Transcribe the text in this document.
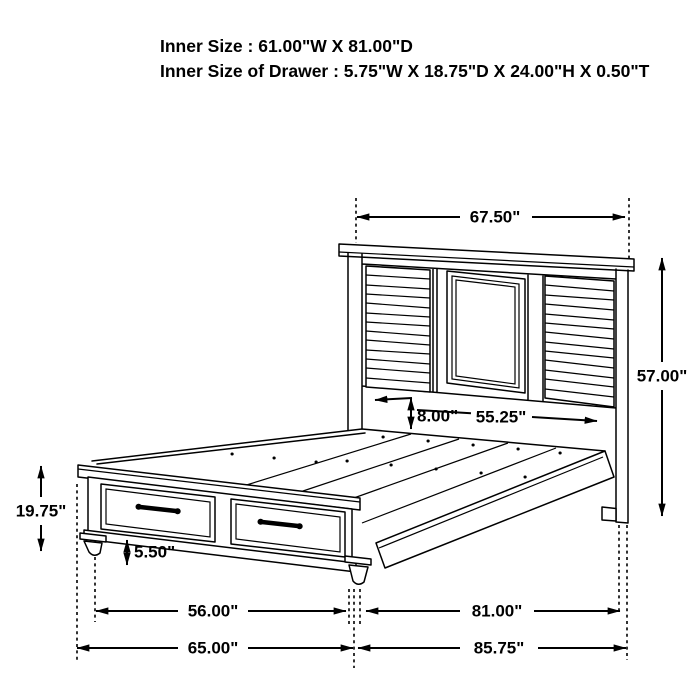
Inner Size : 61.00"W X 81.00"D
Inner Size of Drawer : 5.75"W X 18.75"D X 24.00"H X 0.50"T
67.50"
57.00"
8.00" 55.25"
19.75"
5.50"
56.00"	81.00"
65.00"	85.75"
